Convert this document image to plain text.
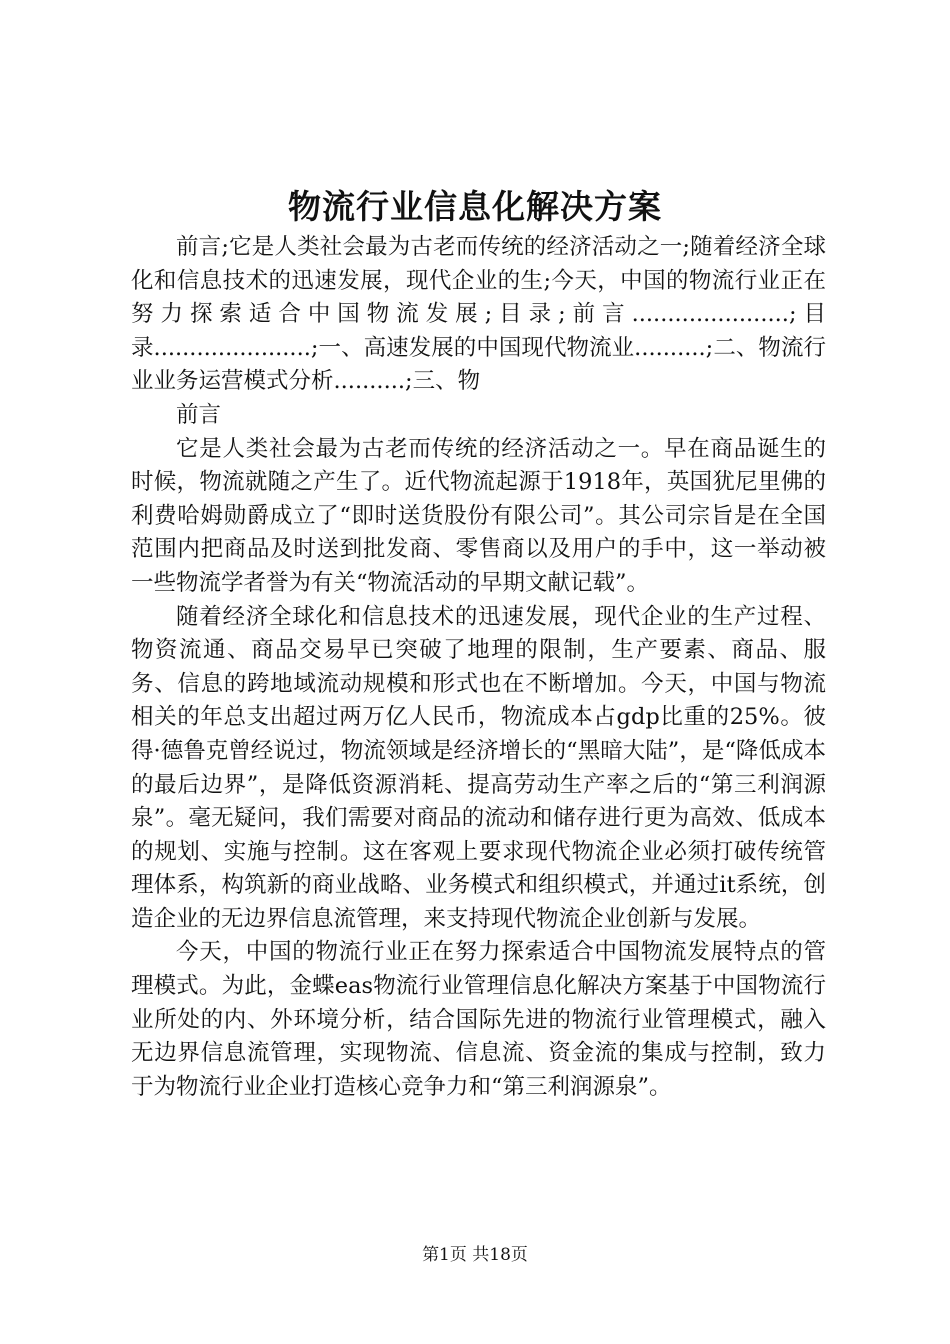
物流行业信息化解决方案

前言;它是人类社会最为古老而传统的经济活动之一;随着经济全球化和信息技术的迅速发展，现代企业的生;今天，中国的物流行业正在努力探索适合中国物流发展;目录;前言......................;目录......................;一、高速发展的中国现代物流业..........;二、物流行业业务运营模式分析..........;三、物

前言

它是人类社会最为古老而传统的经济活动之一。早在商品诞生的时候，物流就随之产生了。近代物流起源于1918年，英国犹尼里佛的利费哈姆勋爵成立了“即时送货股份有限公司”。其公司宗旨是在全国范围内把商品及时送到批发商、零售商以及用户的手中，这一举动被一些物流学者誉为有关“物流活动的早期文献记载”。

随着经济全球化和信息技术的迅速发展，现代企业的生产过程、物资流通、商品交易早已突破了地理的限制，生产要素、商品、服务、信息的跨地域流动规模和形式也在不断增加。今天，中国与物流相关的年总支出超过两万亿人民币，物流成本占gdp比重的25%。彼得·德鲁克曾经说过，物流领域是经济增长的“黑暗大陆”，是“降低成本的最后边界”，是降低资源消耗、提高劳动生产率之后的“第三利润源泉”。毫无疑问，我们需要对商品的流动和储存进行更为高效、低成本的规划、实施与控制。这在客观上要求现代物流企业必须打破传统管理体系，构筑新的商业战略、业务模式和组织模式，并通过it系统，创造企业的无边界信息流管理，来支持现代物流企业创新与发展。

今天，中国的物流行业正在努力探索适合中国物流发展特点的管理模式。为此，金蝶eas物流行业管理信息化解决方案基于中国物流行业所处的内、外环境分析，结合国际先进的物流行业管理模式，融入无边界信息流管理，实现物流、信息流、资金流的集成与控制，致力于为物流行业企业打造核心竞争力和“第三利润源泉”。

第1页 共18页
